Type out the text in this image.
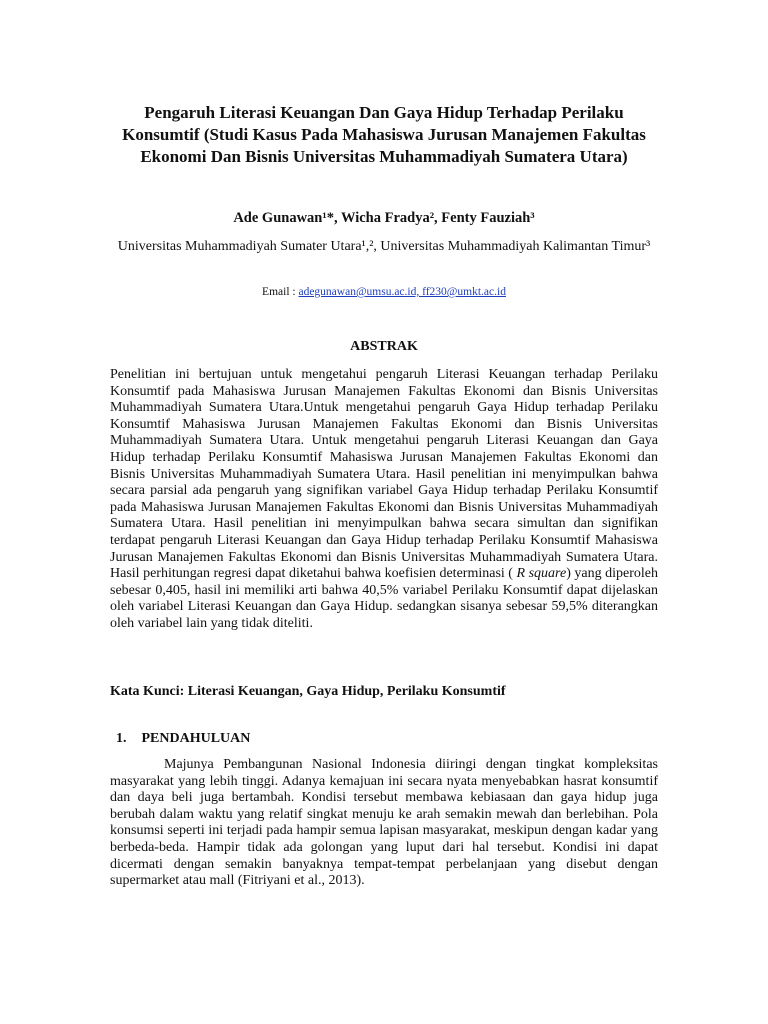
Pengaruh Literasi Keuangan Dan Gaya Hidup Terhadap Perilaku Konsumtif (Studi Kasus Pada Mahasiswa Jurusan Manajemen Fakultas Ekonomi Dan Bisnis Universitas Muhammadiyah Sumatera Utara)
Ade Gunawan¹*, Wicha Fradya², Fenty Fauziah³
Universitas Muhammadiyah Sumater Utara¹,², Universitas Muhammadiyah Kalimantan Timur³
Email : adegunawan@umsu.ac.id, ff230@umkt.ac.id
ABSTRAK

Penelitian ini bertujuan untuk mengetahui pengaruh Literasi Keuangan terhadap Perilaku Konsumtif pada Mahasiswa Jurusan Manajemen Fakultas Ekonomi dan Bisnis Universitas Muhammadiyah Sumatera Utara.Untuk mengetahui pengaruh Gaya Hidup terhadap Perilaku Konsumtif Mahasiswa Jurusan Manajemen Fakultas Ekonomi dan Bisnis Universitas Muhammadiyah Sumatera Utara. Untuk mengetahui pengaruh Literasi Keuangan dan Gaya Hidup terhadap Perilaku Konsumtif Mahasiswa Jurusan Manajemen Fakultas Ekonomi dan Bisnis Universitas Muhammadiyah Sumatera Utara. Hasil penelitian ini menyimpulkan bahwa secara parsial ada pengaruh yang signifikan variabel Gaya Hidup terhadap Perilaku Konsumtif pada Mahasiswa Jurusan Manajemen Fakultas Ekonomi dan Bisnis Universitas Muhammadiyah Sumatera Utara. Hasil penelitian ini menyimpulkan bahwa secara simultan dan signifikan terdapat pengaruh Literasi Keuangan dan Gaya Hidup terhadap Perilaku Konsumtif Mahasiswa Jurusan Manajemen Fakultas Ekonomi dan Bisnis Universitas Muhammadiyah Sumatera Utara. Hasil perhitungan regresi dapat diketahui bahwa koefisien determinasi ( R square) yang diperoleh sebesar 0,405, hasil ini memiliki arti bahwa 40,5% variabel Perilaku Konsumtif dapat dijelaskan oleh variabel Literasi Keuangan dan Gaya Hidup. sedangkan sisanya sebesar 59,5% diterangkan oleh variabel lain yang tidak diteliti.

Kata Kunci: Literasi Keuangan, Gaya Hidup, Perilaku Konsumtif
1. PENDAHULUAN

Majunya Pembangunan Nasional Indonesia diiringi dengan tingkat kompleksitas masyarakat yang lebih tinggi. Adanya kemajuan ini secara nyata menyebabkan hasrat konsumtif dan daya beli juga bertambah. Kondisi tersebut membawa kebiasaan dan gaya hidup juga berubah dalam waktu yang relatif singkat menuju ke arah semakin mewah dan berlebihan. Pola konsumsi seperti ini terjadi pada hampir semua lapisan masyarakat, meskipun dengan kadar yang berbeda-beda. Hampir tidak ada golongan yang luput dari hal tersebut. Kondisi ini dapat dicermati dengan semakin banyaknya tempat-tempat perbelanjaan yang disebut dengan supermarket atau mall (Fitriyani et al., 2013).
